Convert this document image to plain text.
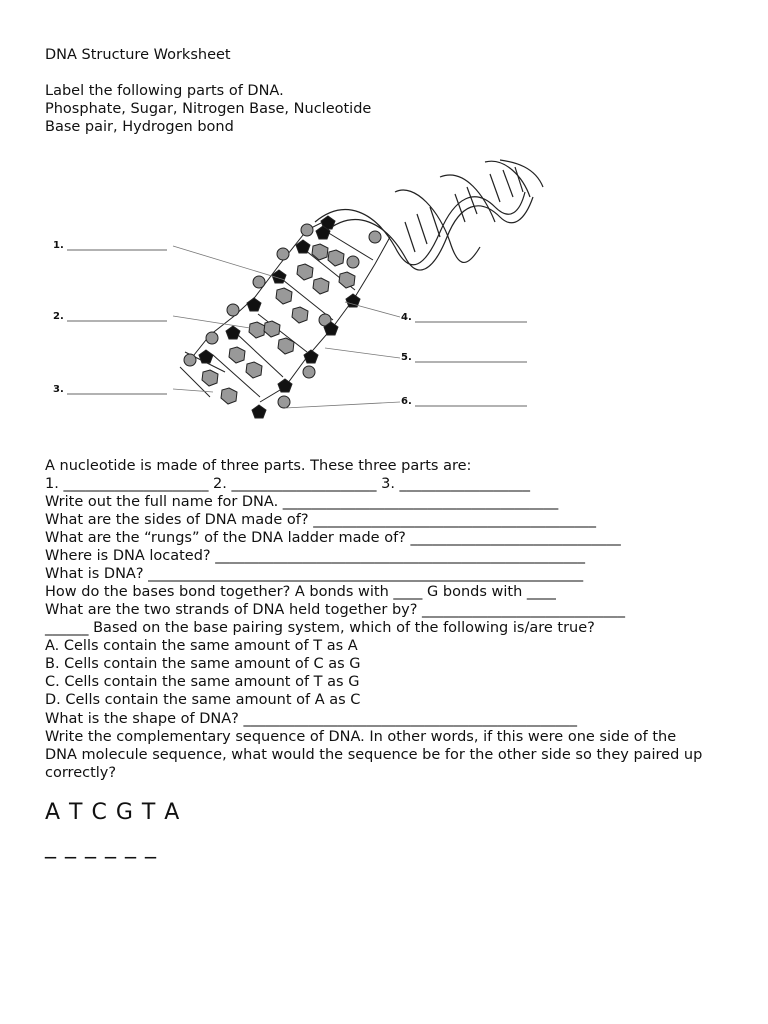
DNA Structure Worksheet

Label the following parts of DNA.

Phosphate, Sugar, Nitrogen Base, Nucleotide

Base pair, Hydrogen bond

1.
2.
3.
4.
5.
6.

A nucleotide is made of three parts. These three parts are:

1. ____________________ 2. ____________________ 3. __________________

Write out the full name for DNA. ______________________________________

What are the sides of DNA made of? _______________________________________

What are the “rungs” of the DNA ladder made of? _____________________________

Where is DNA located? ___________________________________________________

What is DNA? ____________________________________________________________

How do the bases bond together? A bonds with ____ G bonds with ____

What are the two strands of DNA held together by? ____________________________

______ Based on the base pairing system, which of the following is/are true?

A. Cells contain the same amount of T as A

B. Cells contain the same amount of C as G

C. Cells contain the same amount of T as G

D. Cells contain the same amount of A as C

What is the shape of DNA? ______________________________________________

Write the complementary sequence of DNA. In other words, if this were one side of the DNA molecule sequence, what would the sequence be for the other side so they paired up correctly?

A T C G T A
_ _ _ _ _ _
